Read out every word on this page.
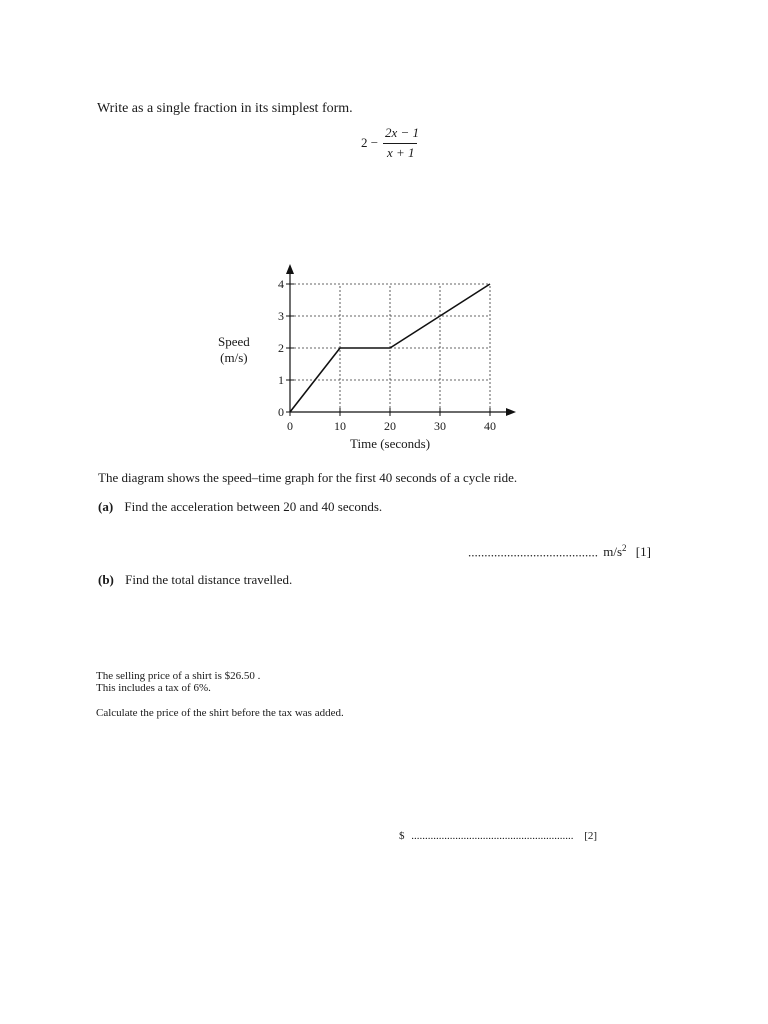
Write as a single fraction in its simplest form.
2 −
2x − 1
x + 1
Speed
(m/s)
0	10	20	30	40
0
1
2
3
4
Time (seconds)
The diagram shows the speed–time graph for the first 40 seconds of a cycle ride.
(a) Find the acceleration between 20 and 40 seconds.
........................................ $m/s^2$ [1]
(b) Find the total distance travelled.
The selling price of a shirt is $26.50 .
This includes a tax of 6%.
Calculate the price of the shirt before the tax was added.
$ ........................................................... [2]
